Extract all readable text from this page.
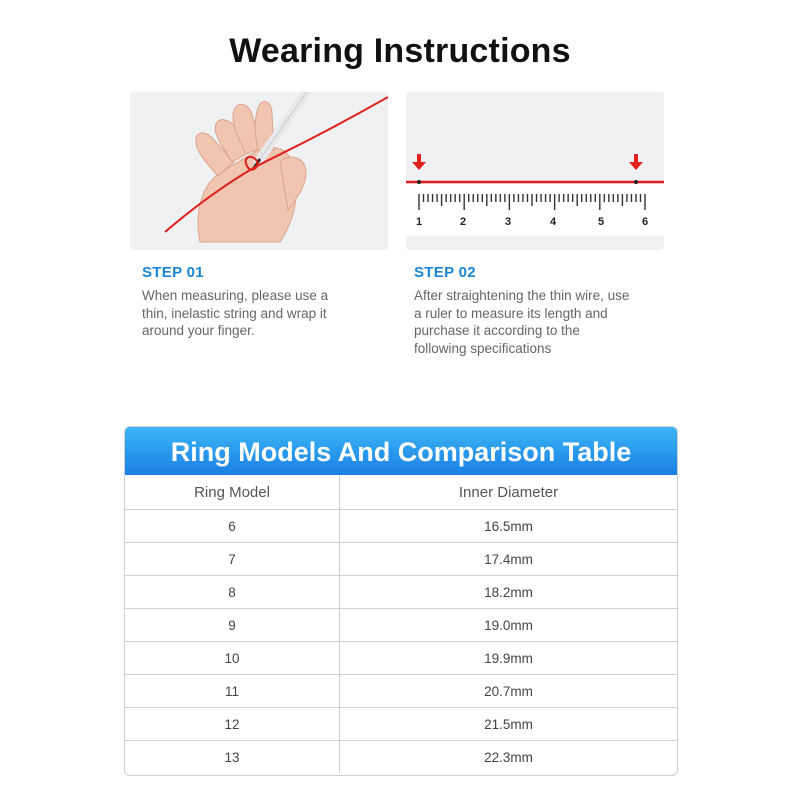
Wearing Instructions
1	2	3	4	5	6
STEP 01
When measuring, please use a thin, inelastic string and wrap it around your finger.
STEP 02
After straightening the thin wire, use a ruler to measure its length and purchase it according to the following specifications
Ring Models And Comparison Table
Ring Model	Inner Diameter
6	16.5mm
7	17.4mm
8	18.2mm
9	19.0mm
10	19.9mm
11	20.7mm
12	21.5mm
13	22.3mm
